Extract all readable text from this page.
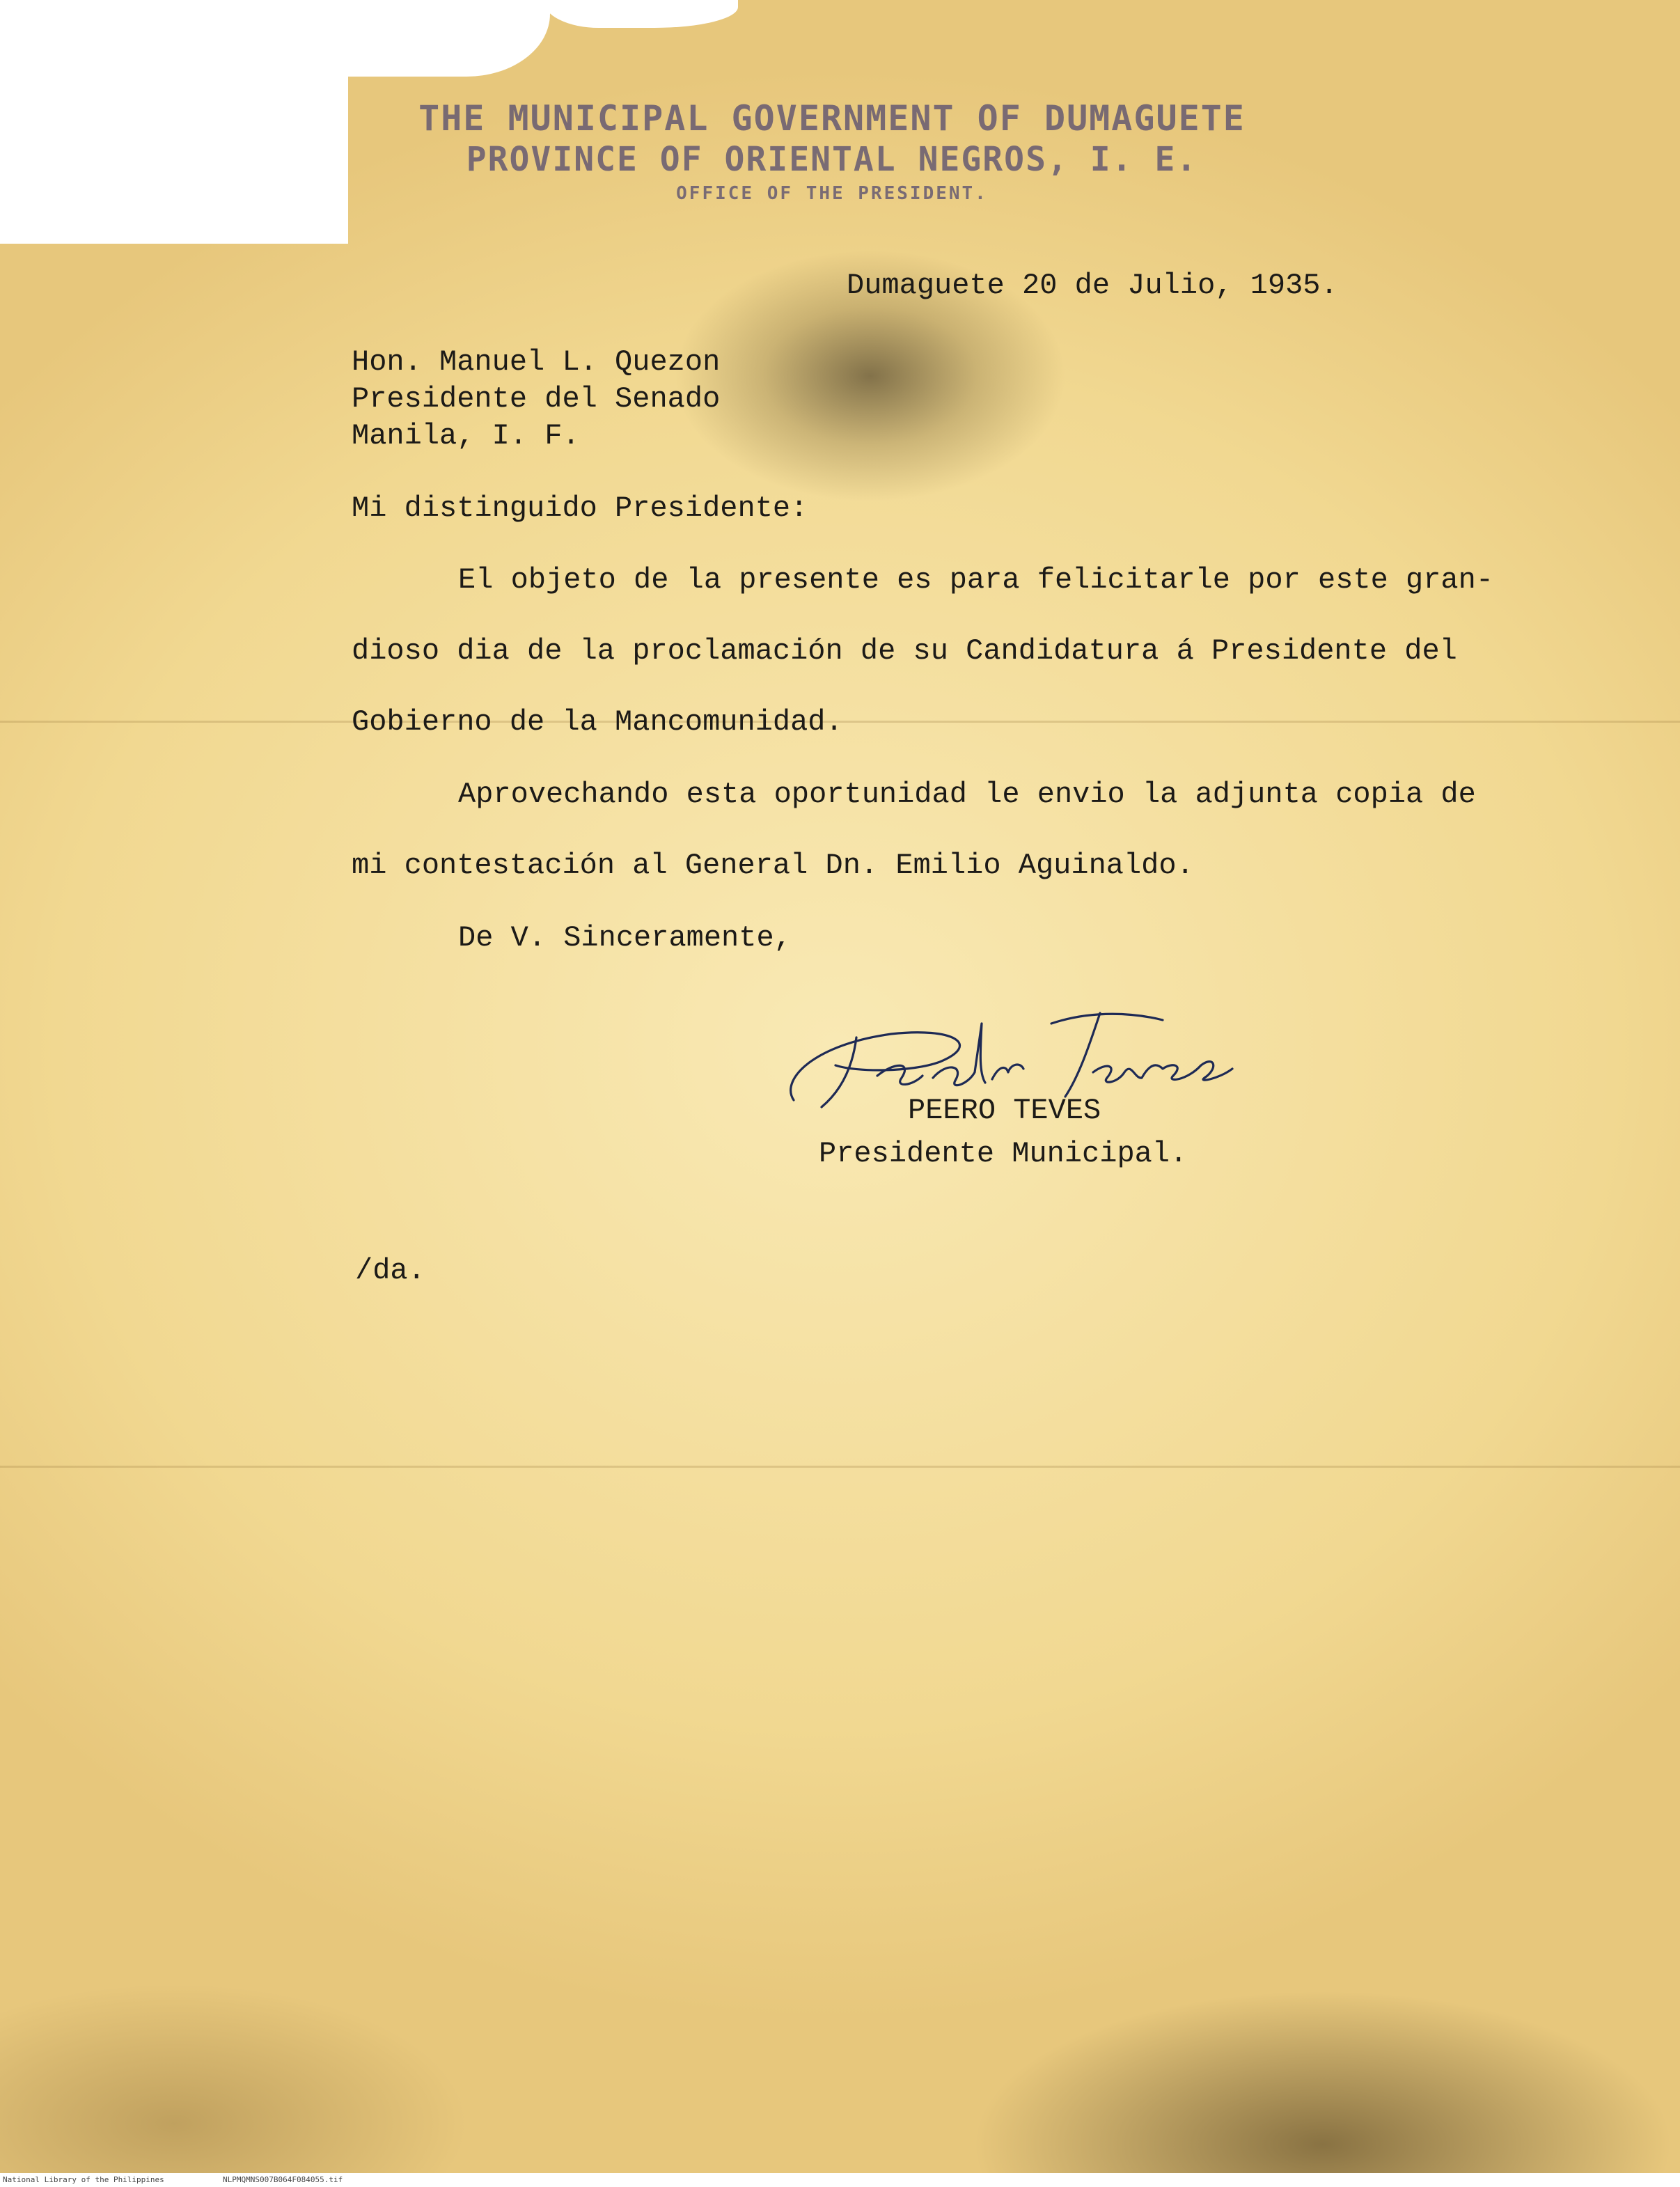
THE MUNICIPAL GOVERNMENT OF DUMAGUETE
PROVINCE OF ORIENTAL NEGROS, I. E.
OFFICE OF THE PRESIDENT.
Dumaguete 20 de Julio, 1935.
Hon. Manuel L. Quezon
Presidente del Senado
Manila, I. F.
Mi distinguido Presidente:
El objeto de la presente es para felicitarle por este gran-
dioso dia de la proclamación de su Candidatura á Presidente del
Gobierno de la Mancomunidad.
Aprovechando esta oportunidad le envio la adjunta copia de
mi contestación al General Dn. Emilio Aguinaldo.
De V. Sinceramente,
PEERO TEVES
Presidente Municipal.
/da.
National Library of the Philippines	NLPMQMNS007B064F084055.tif
